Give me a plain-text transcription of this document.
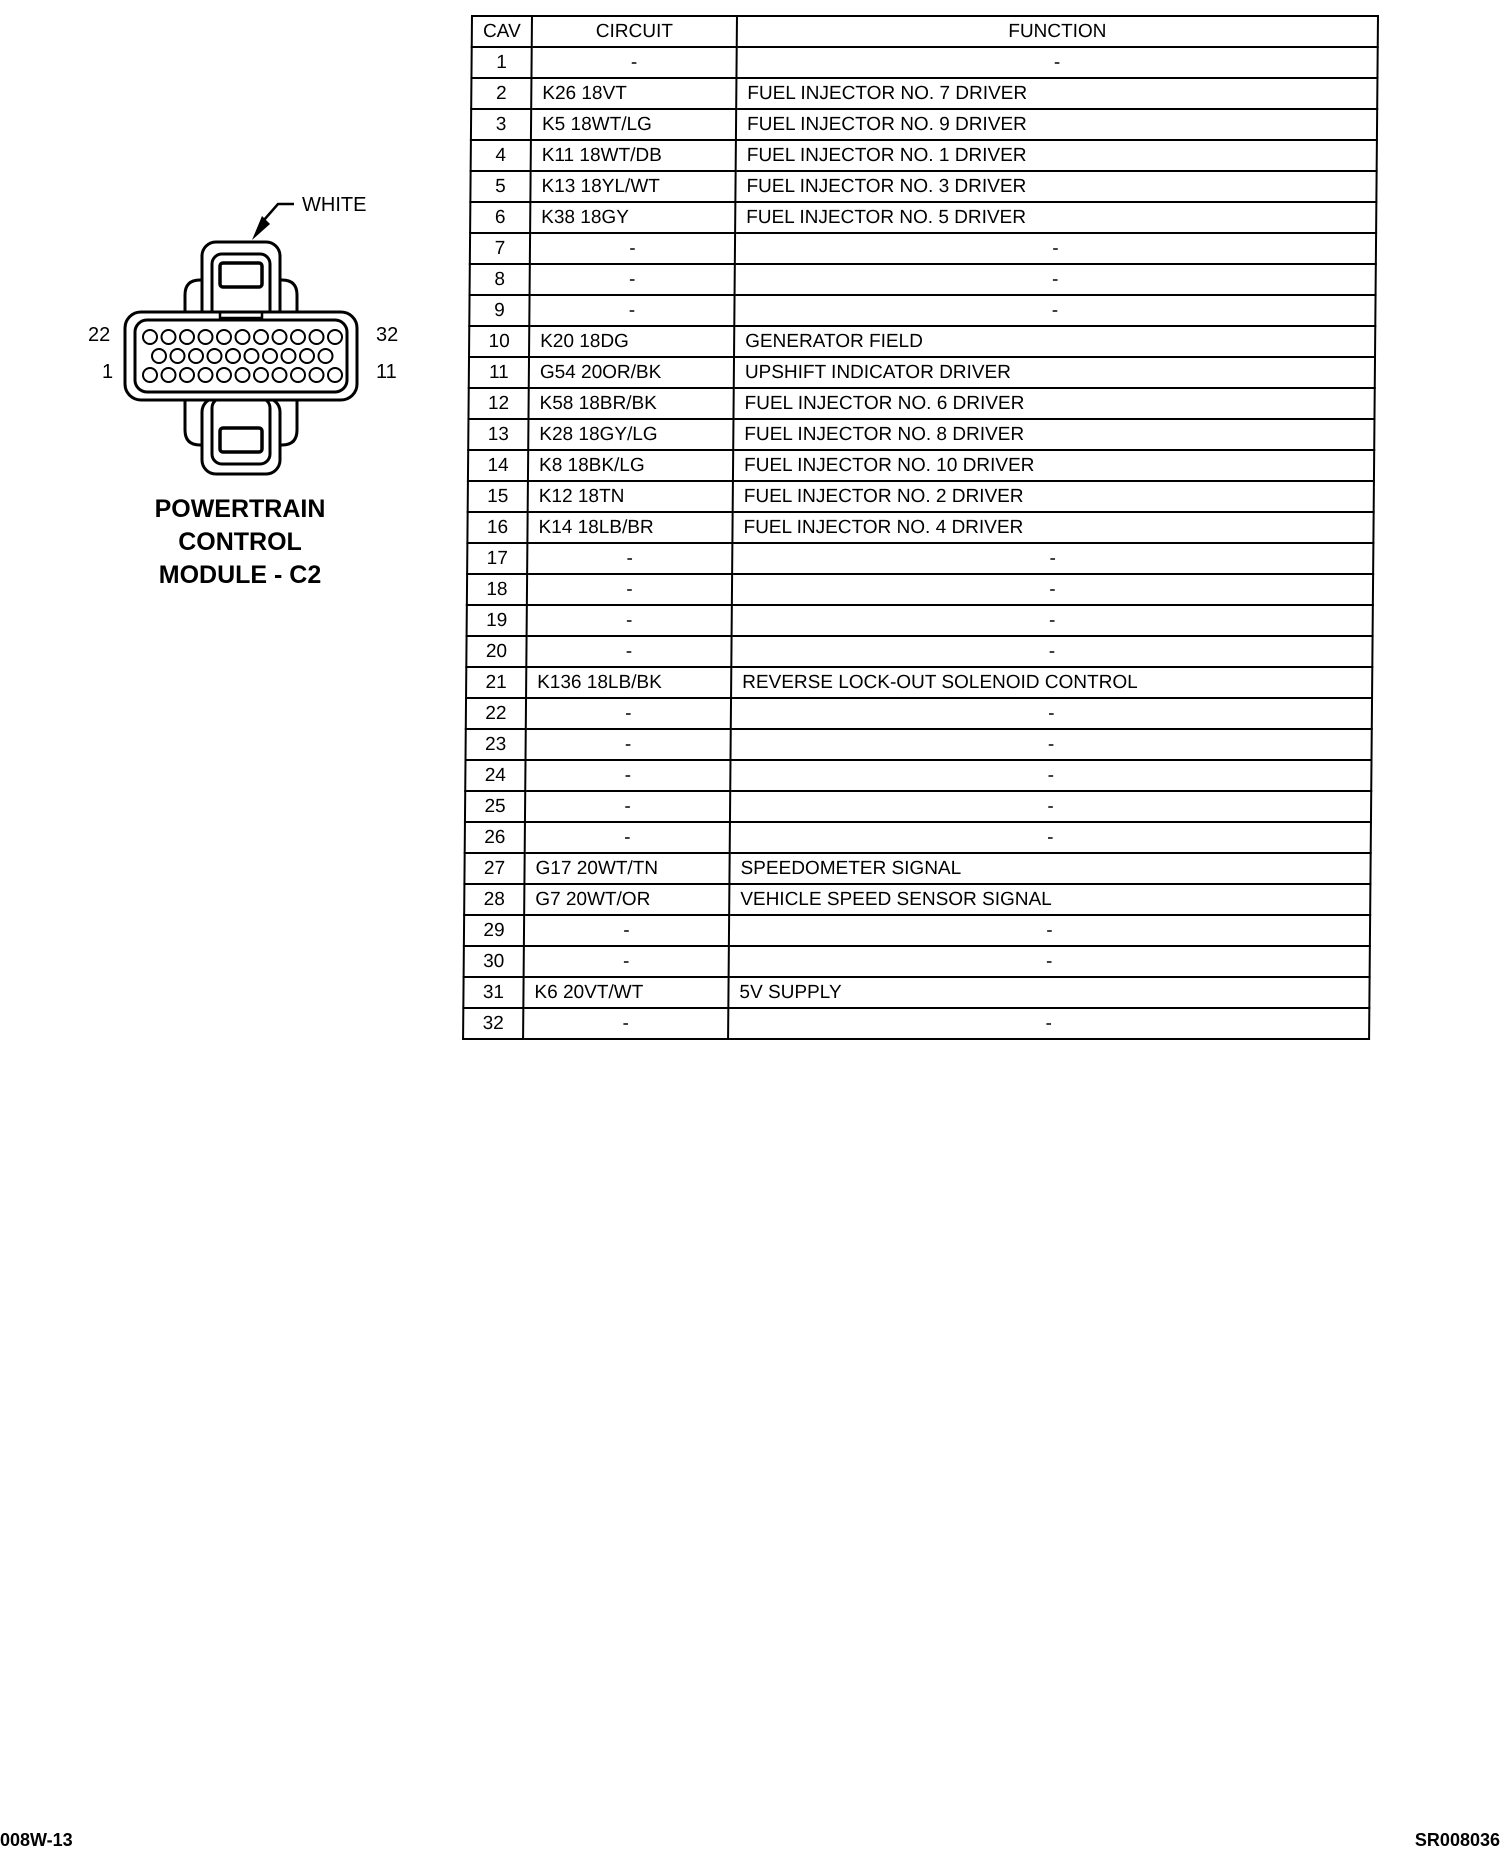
WHITE
22	32
1	11
POWERTRAIN
CONTROL
MODULE - C2
CAV	CIRCUIT	FUNCTION
1	-	-
2	K26 18VT	FUEL INJECTOR NO. 7 DRIVER
3	K5 18WT/LG	FUEL INJECTOR NO. 9 DRIVER
4	K11 18WT/DB	FUEL INJECTOR NO. 1 DRIVER
5	K13 18YL/WT	FUEL INJECTOR NO. 3 DRIVER
6	K38 18GY	FUEL INJECTOR NO. 5 DRIVER
7	-	-
8	-	-
9	-	-
10	K20 18DG	GENERATOR FIELD
11	G54 20OR/BK	UPSHIFT INDICATOR DRIVER
12	K58 18BR/BK	FUEL INJECTOR NO. 6 DRIVER
13	K28 18GY/LG	FUEL INJECTOR NO. 8 DRIVER
14	K8 18BK/LG	FUEL INJECTOR NO. 10 DRIVER
15	K12 18TN	FUEL INJECTOR NO. 2 DRIVER
16	K14 18LB/BR	FUEL INJECTOR NO. 4 DRIVER
17	-	-
18	-	-
19	-	-
20	-	-
21	K136 18LB/BK	REVERSE LOCK-OUT SOLENOID CONTROL
22	-	-
23	-	-
24	-	-
25	-	-
26	-	-
27	G17 20WT/TN	SPEEDOMETER SIGNAL
28	G7 20WT/OR	VEHICLE SPEED SENSOR SIGNAL
29	-	-
30	-	-
31	K6 20VT/WT	5V SUPPLY
32	-	-
008W-13	SR008036
